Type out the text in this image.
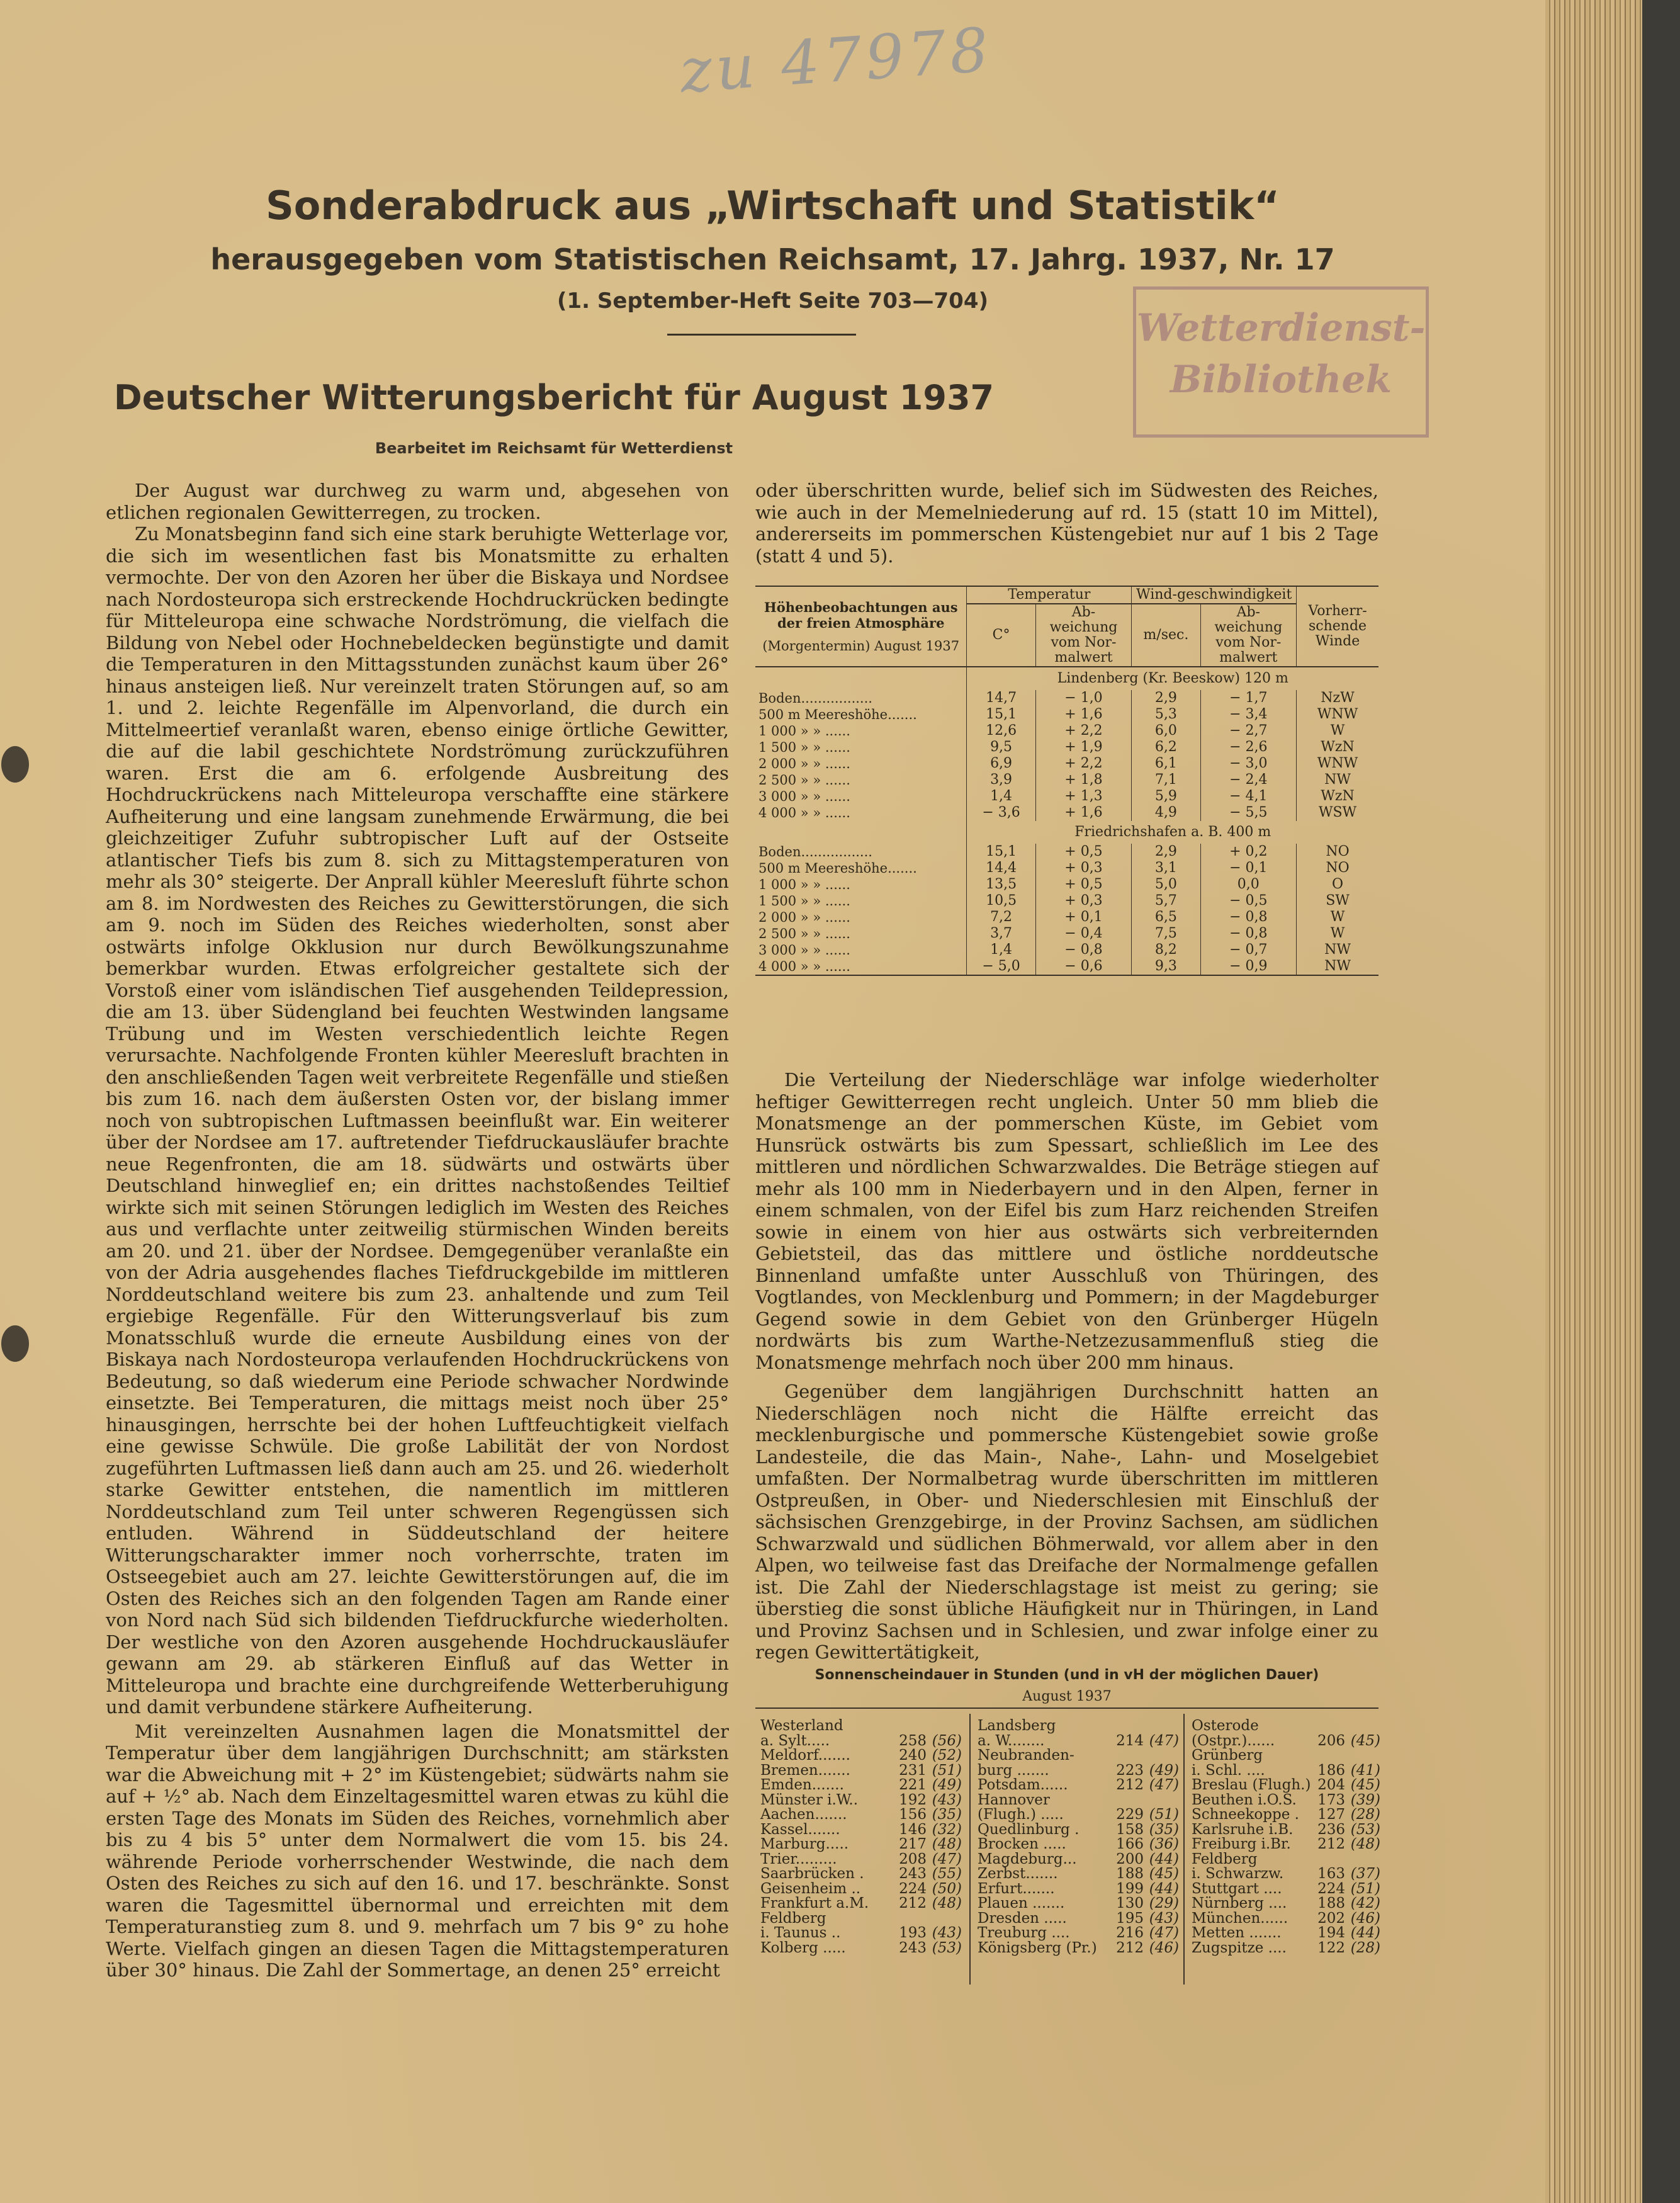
zu 47978
Wetterdienst-
Bibliothek
Sonderabdruck aus „Wirtschaft und Statistik“
herausgegeben vom Statistischen Reichsamt, 17. Jahrg. 1937, Nr. 17
(1. September-Heft Seite 703—704)
Deutscher Witterungsbericht für August 1937
Bearbeitet im Reichsamt für Wetterdienst

Der August war durchweg zu warm und, abgesehen von etlichen regionalen Gewitterregen, zu trocken.

Zu Monatsbeginn fand sich eine stark beruhigte Wetterlage vor, die sich im wesentlichen fast bis Monatsmitte zu erhalten vermochte. Der von den Azoren her über die Biskaya und Nordsee nach Nordosteuropa sich erstreckende Hochdruckrücken bedingte für Mitteleuropa eine schwache Nordströmung, die vielfach die Bildung von Nebel oder Hochnebeldecken begünstigte und damit die Temperaturen in den Mittagsstunden zunächst kaum über 26° hinaus ansteigen ließ. Nur vereinzelt traten Störungen auf, so am 1. und 2. leichte Regenfälle im Alpenvorland, die durch ein Mittelmeertief veranlaßt waren, ebenso einige örtliche Gewitter, die auf die labil geschichtete Nordströmung zurückzuführen waren. Erst die am 6. erfolgende Ausbreitung des Hochdruckrückens nach Mitteleuropa verschaffte eine stärkere Aufheiterung und eine langsam zunehmende Erwärmung, die bei gleichzeitiger Zufuhr subtropischer Luft auf der Ostseite atlantischer Tiefs bis zum 8. sich zu Mittagstemperaturen von mehr als 30° steigerte. Der Anprall kühler Meeresluft führte schon am 8. im Nordwesten des Reiches zu Gewitterstörungen, die sich am 9. noch im Süden des Reiches wiederholten, sonst aber ostwärts infolge Okklusion nur durch Bewölkungszunahme bemerkbar wurden. Etwas erfolgreicher gestaltete sich der Vorstoß einer vom isländischen Tief ausgehenden Teildepression, die am 13. über Südengland bei feuchten Westwinden langsame Trübung und im Westen verschiedentlich leichte Regen verursachte. Nachfolgende Fronten kühler Meeresluft brachten in den anschließenden Tagen weit verbreitete Regenfälle und stießen bis zum 16. nach dem äußersten Osten vor, der bislang immer noch von subtropischen Luftmassen beeinflußt war. Ein weiterer über der Nordsee am 17. auftretender Tiefdruckausläufer brachte neue Regenfronten, die am 18. südwärts und ostwärts über Deutschland hinweglief en; ein drittes nachstoßendes Teiltief wirkte sich mit seinen Störungen lediglich im Westen des Reiches aus und verflachte unter zeitweilig stürmischen Winden bereits am 20. und 21. über der Nordsee. Demgegenüber veranlaßte ein von der Adria ausgehendes flaches Tiefdruckgebilde im mittleren Norddeutschland weitere bis zum 23. anhaltende und zum Teil ergiebige Regenfälle. Für den Witterungsverlauf bis zum Monatsschluß wurde die erneute Ausbildung eines von der Biskaya nach Nordosteuropa verlaufenden Hochdruckrückens von Bedeutung, so daß wiederum eine Periode schwacher Nordwinde einsetzte. Bei Temperaturen, die mittags meist noch über 25° hinausgingen, herrschte bei der hohen Luftfeuchtigkeit vielfach eine gewisse Schwüle. Die große Labilität der von Nordost zugeführten Luftmassen ließ dann auch am 25. und 26. wiederholt starke Gewitter entstehen, die namentlich im mittleren Norddeutschland zum Teil unter schweren Regengüssen sich entluden. Während in Süddeutschland der heitere Witterungscharakter immer noch vorherrschte, traten im Ostseegebiet auch am 27. leichte Gewitterstörungen auf, die im Osten des Reiches sich an den folgenden Tagen am Rande einer von Nord nach Süd sich bildenden Tiefdruckfurche wiederholten. Der westliche von den Azoren ausgehende Hochdruckausläufer gewann am 29. ab stärkeren Einfluß auf das Wetter in Mitteleuropa und brachte eine durchgreifende Wetterberuhigung und damit verbundene stärkere Aufheiterung.

Mit vereinzelten Ausnahmen lagen die Monatsmittel der Temperatur über dem langjährigen Durchschnitt; am stärksten war die Abweichung mit + 2° im Küstengebiet; südwärts nahm sie auf + ½° ab. Nach dem Einzeltagesmittel waren etwas zu kühl die ersten Tage des Monats im Süden des Reiches, vornehmlich aber bis zu 4 bis 5° unter dem Normalwert die vom 15. bis 24. währende Periode vorherrschender Westwinde, die nach dem Osten des Reiches zu sich auf den 16. und 17. beschränkte. Sonst waren die Tagesmittel übernormal und erreichten mit dem Temperaturanstieg zum 8. und 9. mehrfach um 7 bis 9° zu hohe Werte. Vielfach gingen an diesen Tagen die Mittagstemperaturen über 30° hinaus. Die Zahl der Sommertage, an denen 25° erreicht

oder überschritten wurde, belief sich im Südwesten des Reiches, wie auch in der Memelniederung auf rd. 15 (statt 10 im Mittel), andererseits im pommerschen Küstengebiet nur auf 1 bis 2 Tage (statt 4 und 5).

Höhenbeobachtungen aus der freien Atmosphäre
(Morgentermin) August 1937	Temperatur		Wind-geschwindigkeit		Vorherr-schende Winde
	C°	Ab-weichung vom Nor-malwert	m/sec.	Ab-weichung vom Nor-malwert	
	Lindenberg (Kr. Beeskow) 120 m				
Boden.................	14,7	− 1,0	2,9	− 1,7	NzW
500 m Meereshöhe.......	15,1	+ 1,6	5,3	− 3,4	WNW
1 000 » » ......	12,6	+ 2,2	6,0	− 2,7	W
1 500 » » ......	9,5	+ 1,9	6,2	− 2,6	WzN
2 000 » » ......	6,9	+ 2,2	6,1	− 3,0	WNW
2 500 » » ......	3,9	+ 1,8	7,1	− 2,4	NW
3 000 » » ......	1,4	+ 1,3	5,9	− 4,1	WzN
4 000 » » ......	− 3,6	+ 1,6	4,9	− 5,5	WSW
	Friedrichshafen a. B. 400 m				
Boden.................	15,1	+ 0,5	2,9	+ 0,2	NO
500 m Meereshöhe.......	14,4	+ 0,3	3,1	− 0,1	NO
1 000 » » ......	13,5	+ 0,5	5,0	0,0	O
1 500 » » ......	10,5	+ 0,3	5,7	− 0,5	SW
2 000 » » ......	7,2	+ 0,1	6,5	− 0,8	W
2 500 » » ......	3,7	− 0,4	7,5	− 0,8	W
3 000 » » ......	1,4	− 0,8	8,2	− 0,7	NW
4 000 » » ......	− 5,0	− 0,6	9,3	− 0,9	NW

Die Verteilung der Niederschläge war infolge wiederholter heftiger Gewitterregen recht ungleich. Unter 50 mm blieb die Monatsmenge an der pommerschen Küste, im Gebiet vom Hunsrück ostwärts bis zum Spessart, schließlich im Lee des mittleren und nördlichen Schwarzwaldes. Die Beträge stiegen auf mehr als 100 mm in Niederbayern und in den Alpen, ferner in einem schmalen, von der Eifel bis zum Harz reichenden Streifen sowie in einem von hier aus ostwärts sich verbreiternden Gebietsteil, das das mittlere und östliche norddeutsche Binnenland umfaßte unter Ausschluß von Thüringen, des Vogtlandes, von Mecklenburg und Pommern; in der Magdeburger Gegend sowie in dem Gebiet von den Grünberger Hügeln nordwärts bis zum Warthe-Netzezusammenfluß stieg die Monatsmenge mehrfach noch über 200 mm hinaus.

Gegenüber dem langjährigen Durchschnitt hatten an Niederschlägen noch nicht die Hälfte erreicht das mecklenburgische und pommersche Küstengebiet sowie große Landesteile, die das Main-, Nahe-, Lahn- und Moselgebiet umfaßten. Der Normalbetrag wurde überschritten im mittleren Ostpreußen, in Ober- und Niederschlesien mit Einschluß der sächsischen Grenzgebirge, in der Provinz Sachsen, am südlichen Schwarzwald und südlichen Böhmerwald, vor allem aber in den Alpen, wo teilweise fast das Dreifache der Normalmenge gefallen ist. Die Zahl der Niederschlagstage ist meist zu gering; sie überstieg die sonst übliche Häufigkeit nur in Thüringen, in Land und Provinz Sachsen und in Schlesien, und zwar infolge einer zu regen Gewittertätigkeit,

Sonnenscheindauer in Stunden (und in vH der möglichen Dauer)
August 1937
Westerland
a. Sylt.....	258 (56)
Meldorf.......	240 (52)
Bremen.......	231 (51)
Emden.......	221 (49)
Münster i.W..	192 (43)
Aachen.......	156 (35)
Kassel.......	146 (32)
Marburg.....	217 (48)
Trier.........	208 (47)
Saarbrücken .	243 (55)
Geisenheim ..	224 (50)
Frankfurt a.M.	212 (48)
Feldberg
i. Taunus ..	193 (43)
Kolberg .....	243 (53)
Landsberg
a. W........	214 (47)
Neubranden-
burg .......	223 (49)
Potsdam......	212 (47)
Hannover
(Flugh.) .....	229 (51)
Quedlinburg .	158 (35)
Brocken .....	166 (36)
Magdeburg...	200 (44)
Zerbst.......	188 (45)
Erfurt.......	199 (44)
Plauen .......	130 (29)
Dresden .....	195 (43)
Treuburg ....	216 (47)
Königsberg (Pr.)	212 (46)
Osterode
(Ostpr.)......	206 (45)
Grünberg
i. Schl. ....	186 (41)
Breslau (Flugh.) 204 (45)
Beuthen i.O.S.	173 (39)
Schneekoppe .	127 (28)
Karlsruhe i.B.	236 (53)
Freiburg i.Br.	212 (48)
Feldberg
i. Schwarzw.	163 (37)
Stuttgart ....	224 (51)
Nürnberg ....	188 (42)
München......	202 (46)
Metten .......	194 (44)
Zugspitze ....	122 (28)
